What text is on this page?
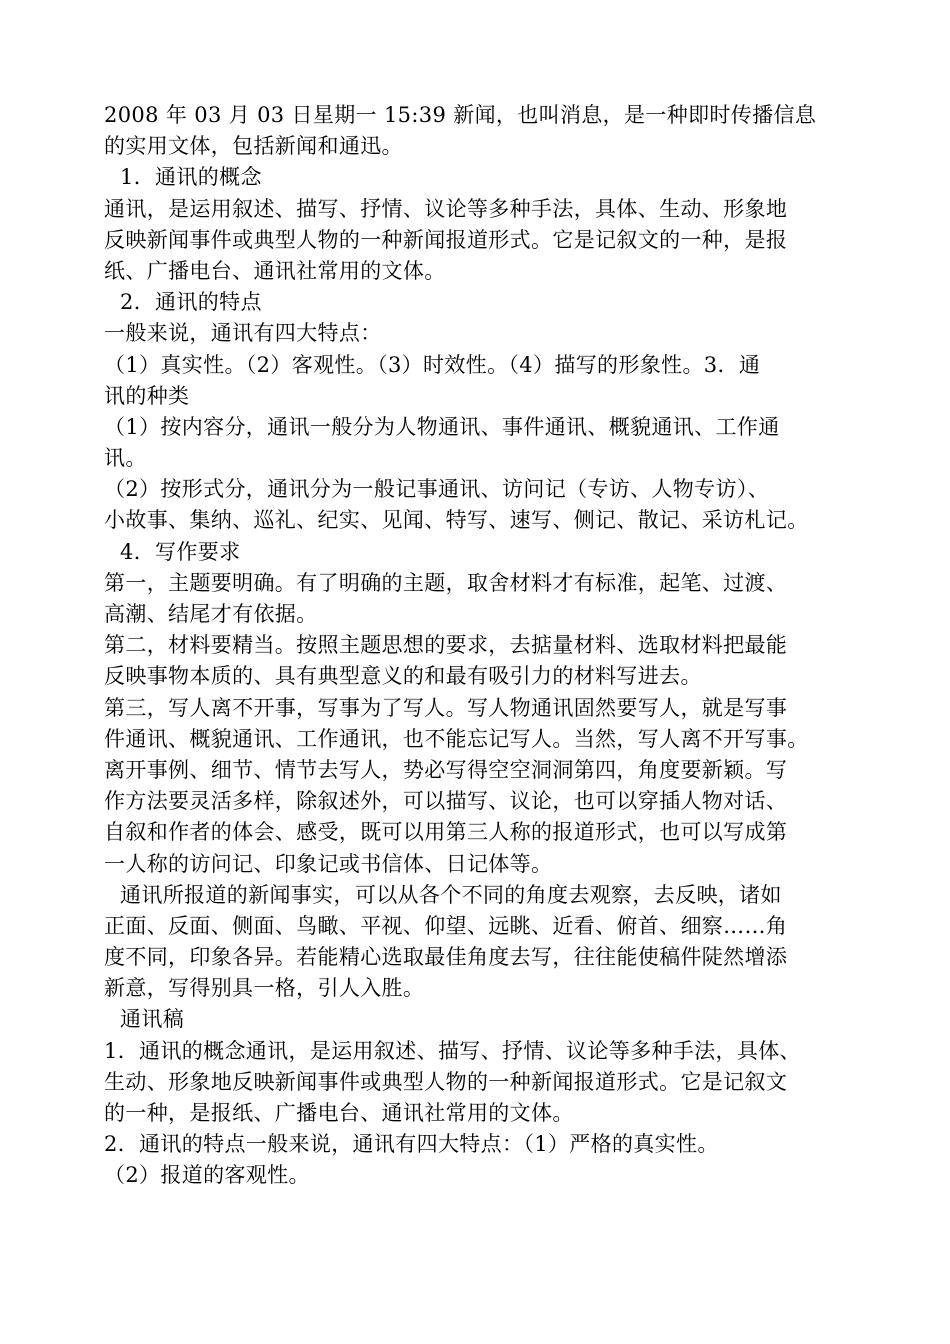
2008 年 03 月 03 日星期一 15:39 新闻，也叫消息，是一种即时传播信息
的实用文体，包括新闻和通迅。
1．通讯的概念
通讯，是运用叙述、描写、抒情、议论等多种手法，具体、生动、形象地
反映新闻事件或典型人物的一种新闻报道形式。它是记叙文的一种，是报
纸、广播电台、通讯社常用的文体。
2．通讯的特点
一般来说，通讯有四大特点：
（1）真实性。（2）客观性。（3）时效性。（4）描写的形象性。3．通
讯的种类
（1）按内容分，通讯一般分为人物通讯、事件通讯、概貌通讯、工作通
讯。
（2）按形式分，通讯分为一般记事通讯、访问记（专访、人物专访）、
小故事、集纳、巡礼、纪实、见闻、特写、速写、侧记、散记、采访札记。
4．写作要求
第一，主题要明确。有了明确的主题，取舍材料才有标准，起笔、过渡、
高潮、结尾才有依据。
第二，材料要精当。按照主题思想的要求，去掂量材料、选取材料把最能
反映事物本质的、具有典型意义的和最有吸引力的材料写进去。
第三，写人离不开事，写事为了写人。写人物通讯固然要写人，就是写事
件通讯、概貌通讯、工作通讯，也不能忘记写人。当然，写人离不开写事。
离开事例、细节、情节去写人，势必写得空空洞洞第四，角度要新颖。写
作方法要灵活多样，除叙述外，可以描写、议论，也可以穿插人物对话、
自叙和作者的体会、感受，既可以用第三人称的报道形式，也可以写成第
一人称的访问记、印象记或书信体、日记体等。
通讯所报道的新闻事实，可以从各个不同的角度去观察，去反映，诸如
正面、反面、侧面、鸟瞰、平视、仰望、远眺、近看、俯首、细察……角
度不同，印象各异。若能精心选取最佳角度去写，往往能使稿件陡然增添
新意，写得别具一格，引人入胜。
通讯稿
1．通讯的概念通讯，是运用叙述、描写、抒情、议论等多种手法，具体、
生动、形象地反映新闻事件或典型人物的一种新闻报道形式。它是记叙文
的一种，是报纸、广播电台、通讯社常用的文体。
2．通讯的特点一般来说，通讯有四大特点：（1）严格的真实性。
（2）报道的客观性。
